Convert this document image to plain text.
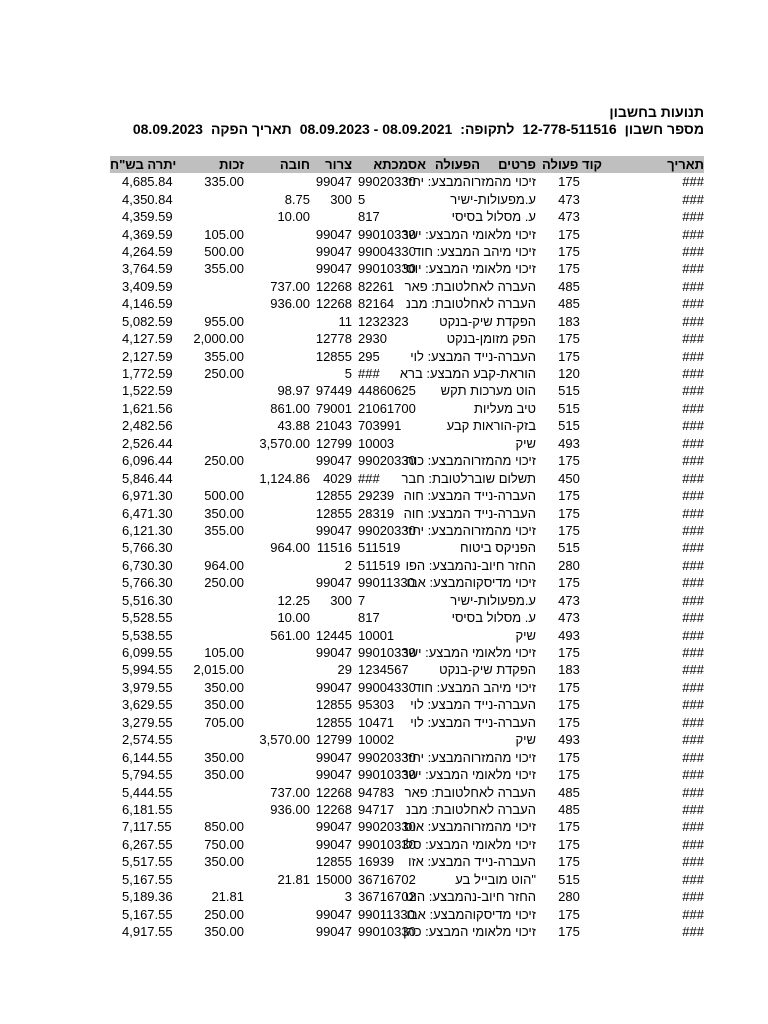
תנועות בחשבון
08.09.2023 תאריך הפקה 08.09.2023 - 08.09.2021 לתקופה: 12-778-511516 מספר חשבון
יתרה בש"ח	זכות	חובה	צרור	אסמכתא	פרטים     הפעולה	קוד פעולה	תאריך
4,685.84	335.00		99047	99020330	זיכוי מהמזרוהמבצע: יחזי	175	###
4,350.84		8.75	300	5	ע.מפעולות-ישיר	473	###
4,359.59		10.00		817	ע. מסלול בסיסי	473	###
4,369.59	105.00		99047	99010330	זיכוי מלאומי המבצע: ישר	175	###
4,264.59	500.00		99047	99004330	זיכוי מיהב המבצע: חוד	175	###
3,764.59	355.00		99047	99010330	זיכוי מלאומי המבצע: יוסי	175	###
3,409.59		737.00	12268	82261	העברה לאחלטובת: פאר	485	###
4,146.59		936.00	12268	82164	העברה לאחלטובת: מבנ	485	###
5,082.59	955.00		11	1232323	הפקדת שיק-בנקט	183	###
4,127.59	2,000.00		12778	2930	הפק מזומן-בנקט	175	###
2,127.59	355.00		12855	295	העברה-נייד המבצע: לוי	175	###
1,772.59	250.00		5	###	הוראת-קבע המבצע: ברא	120	###
1,522.59		98.97	97449	44860625	הוט מערכות תקש	515	###
1,621.56		861.00	79001	21061700	טיב מעליות	515	###
2,482.56		43.88	21043	703991	בזק-הוראות קבע	515	###
2,526.44		3,570.00	12799	10003	שיק	493	###
6,096.44	250.00		99047	99020330	זיכוי מהמזרוהמבצע: כוח	175	###
5,846.44		1,124.86	4029	###	תשלום שוברלטובת: חבר	450	###
6,971.30	500.00		12855	29239	העברה-נייד המבצע: חוה	175	###
6,471.30	350.00		12855	28319	העברה-נייד המבצע: חוה	175	###
6,121.30	355.00		99047	99020330	זיכוי מהמזרוהמבצע: יחזי	175	###
5,766.30		964.00	11516	511519	הפניקס ביטוח	515	###
6,730.30	964.00		2	511519	החזר חיוב-נהמבצע: הפו	280	###
5,766.30	250.00		99047	99011330	זיכוי מדיסקוהמבצע: אבו	175	###
5,516.30		12.25	300	7	ע.מפעולות-ישיר	473	###
5,528.55		10.00		817	ע. מסלול בסיסי	473	###
5,538.55		561.00	12445	10001	שיק	493	###
6,099.55	105.00		99047	99010330	זיכוי מלאומי המבצע: ישר	175	###
5,994.55	2,015.00		29	1234567	הפקדת שיק-בנקט	183	###
3,979.55	350.00		99047	99004330	זיכוי מיהב המבצע: חוד	175	###
3,629.55	350.00		12855	95303	העברה-נייד המבצע: לוי	175	###
3,279.55	705.00		12855	10471	העברה-נייד המבצע: לוי	175	###
2,574.55		3,570.00	12799	10002	שיק	493	###
6,144.55	350.00		99047	99020330	זיכוי מהמזרוהמבצע: יחזי	175	###
5,794.55	350.00		99047	99010330	זיכוי מלאומי המבצע: ישר	175	###
5,444.55		737.00	12268	94783	העברה לאחלטובת: פאר	485	###
6,181.55		936.00	12268	94717	העברה לאחלטובת: מבנ	485	###
7,117.55	850.00		99047	99020330	זיכוי מהמזרוהמבצע: אוס	175	###
6,267.55	750.00		99047	99010330	זיכוי מלאומי המבצע: סלו	175	###
5,517.55	350.00		12855	16939	העברה-נייד המבצע: אזו	175	###
5,167.55		21.81	15000	36716702	"הוט מובייל בע	515	###
5,189.36	21.81		3	36716702	החזר חיוב-נהמבצע: הוט	280	###
5,167.55	250.00		99047	99011330	זיכוי מדיסקוהמבצע: אבו	175	###
4,917.55	350.00		99047	99010330	זיכוי מלאומי המבצע: כהן	175	###
